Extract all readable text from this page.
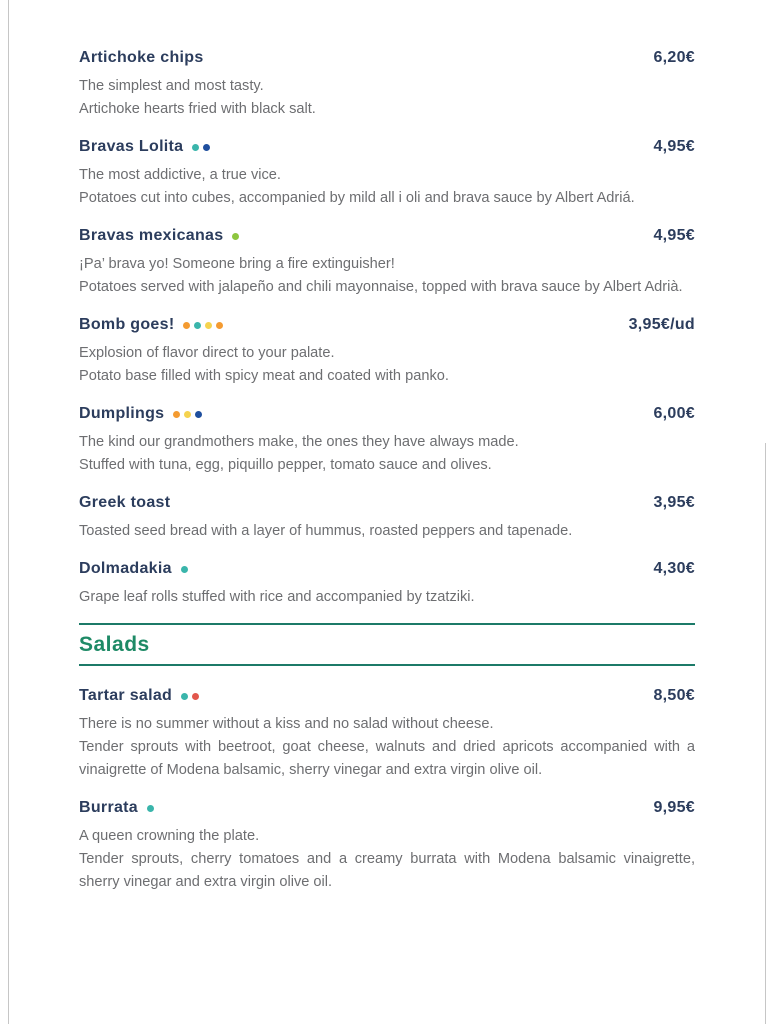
Artichoke chips	6,20€

The simplest and most tasty.

Artichoke hearts fried with black salt.

Bravas Lolita	4,95€

The most addictive, a true vice.

Potatoes cut into cubes, accompanied by mild all i oli and brava sauce by Albert Adriá.

Bravas mexicanas	4,95€

¡Pa’ brava yo! Someone bring a fire extinguisher!

Potatoes served with jalapeño and chili mayonnaise, topped with brava sauce by Albert Adrià.

Bomb goes!	3,95€/ud

Explosion of flavor direct to your palate.

Potato base filled with spicy meat and coated with panko.

Dumplings	6,00€

The kind our grandmothers make, the ones they have always made.

Stuffed with tuna, egg, piquillo pepper, tomato sauce and olives.

Greek toast	3,95€

Toasted seed bread with a layer of hummus, roasted peppers and tapenade.

Dolmadakia	4,30€

Grape leaf rolls stuffed with rice and accompanied by tzatziki.

Salads
Tartar salad	8,50€

There is no summer without a kiss and no salad without cheese.

Tender sprouts with beetroot, goat cheese, walnuts and dried apricots accompanied with a vinaigrette of Modena balsamic, sherry vinegar and extra virgin olive oil.

Burrata	9,95€

A queen crowning the plate.

Tender sprouts, cherry tomatoes and a creamy burrata with Modena balsamic vinaigrette, sherry vinegar and extra virgin olive oil.
